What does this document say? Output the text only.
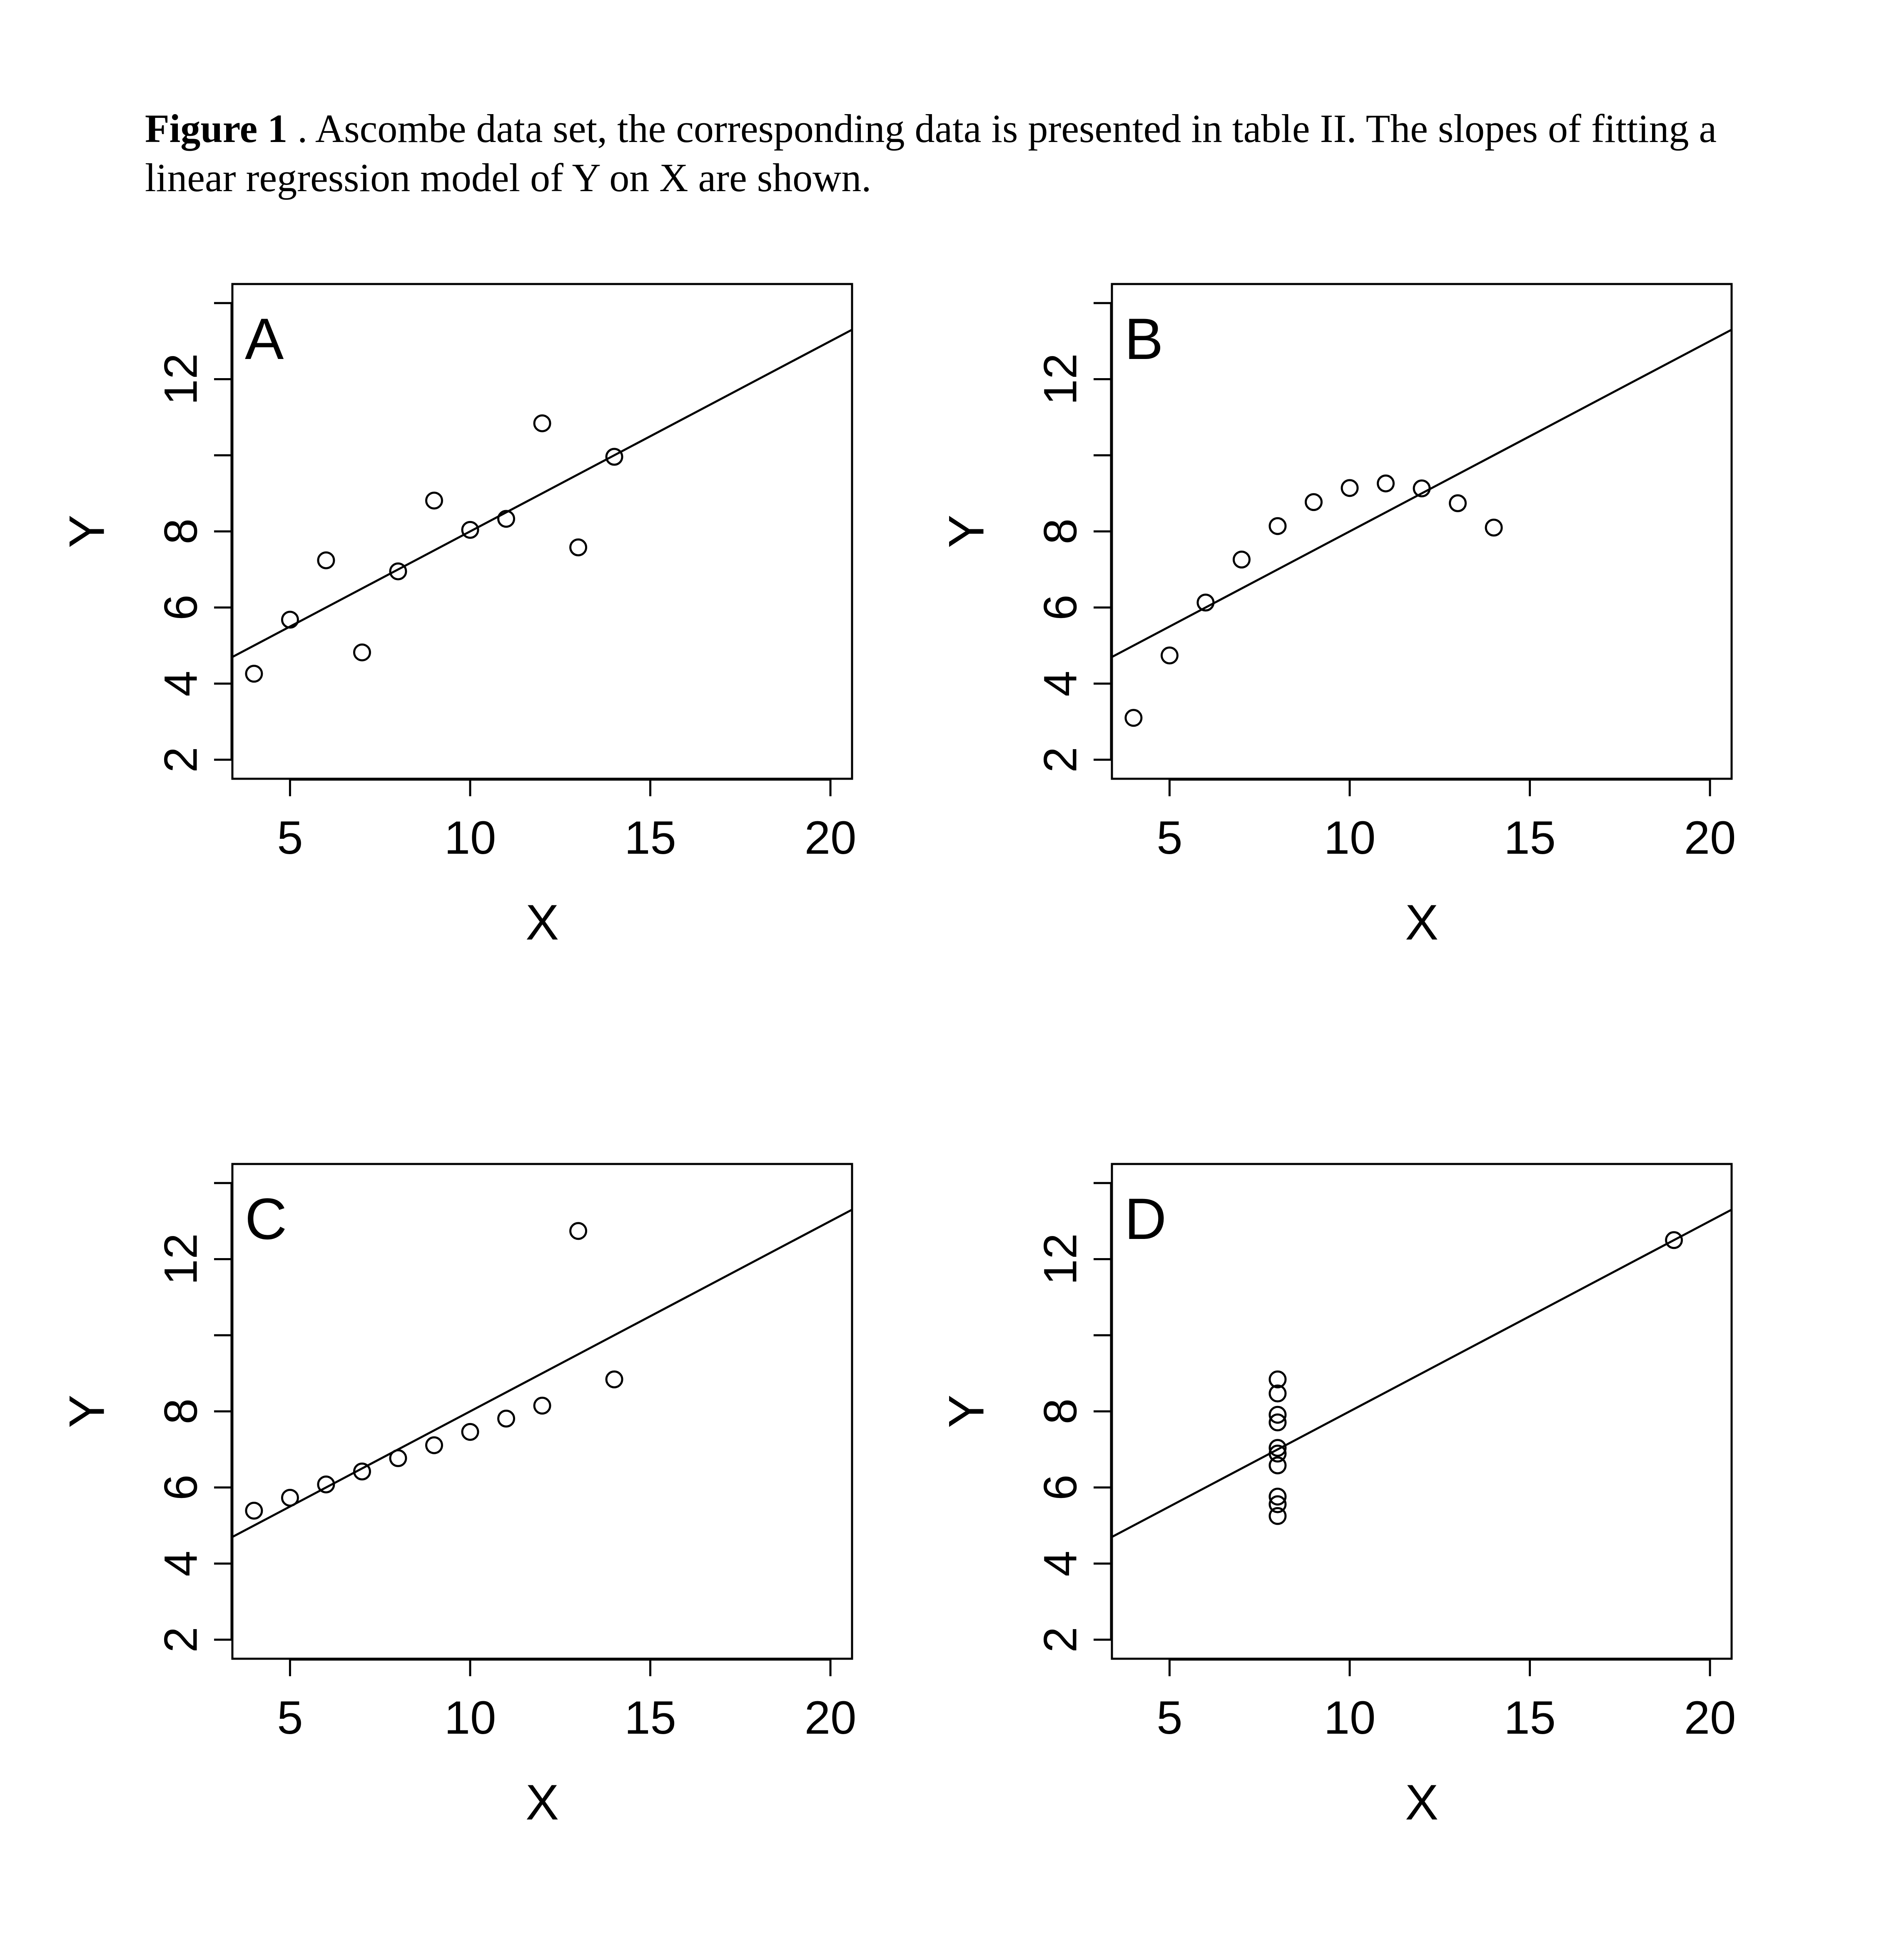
Figure 1 . Ascombe data set, the corresponding data is presented in table II. The slopes of fitting a linear regression model of Y on X are shown.
5	10	15	20
X
2
4
6
8
12
Y
A
5	10	15	20
X
2
4
6
8
12
Y
B
5	10	15	20
X
2
4
6
8
12
Y
C
5	10	15	20
X
2
4
6
8
12
Y
D
